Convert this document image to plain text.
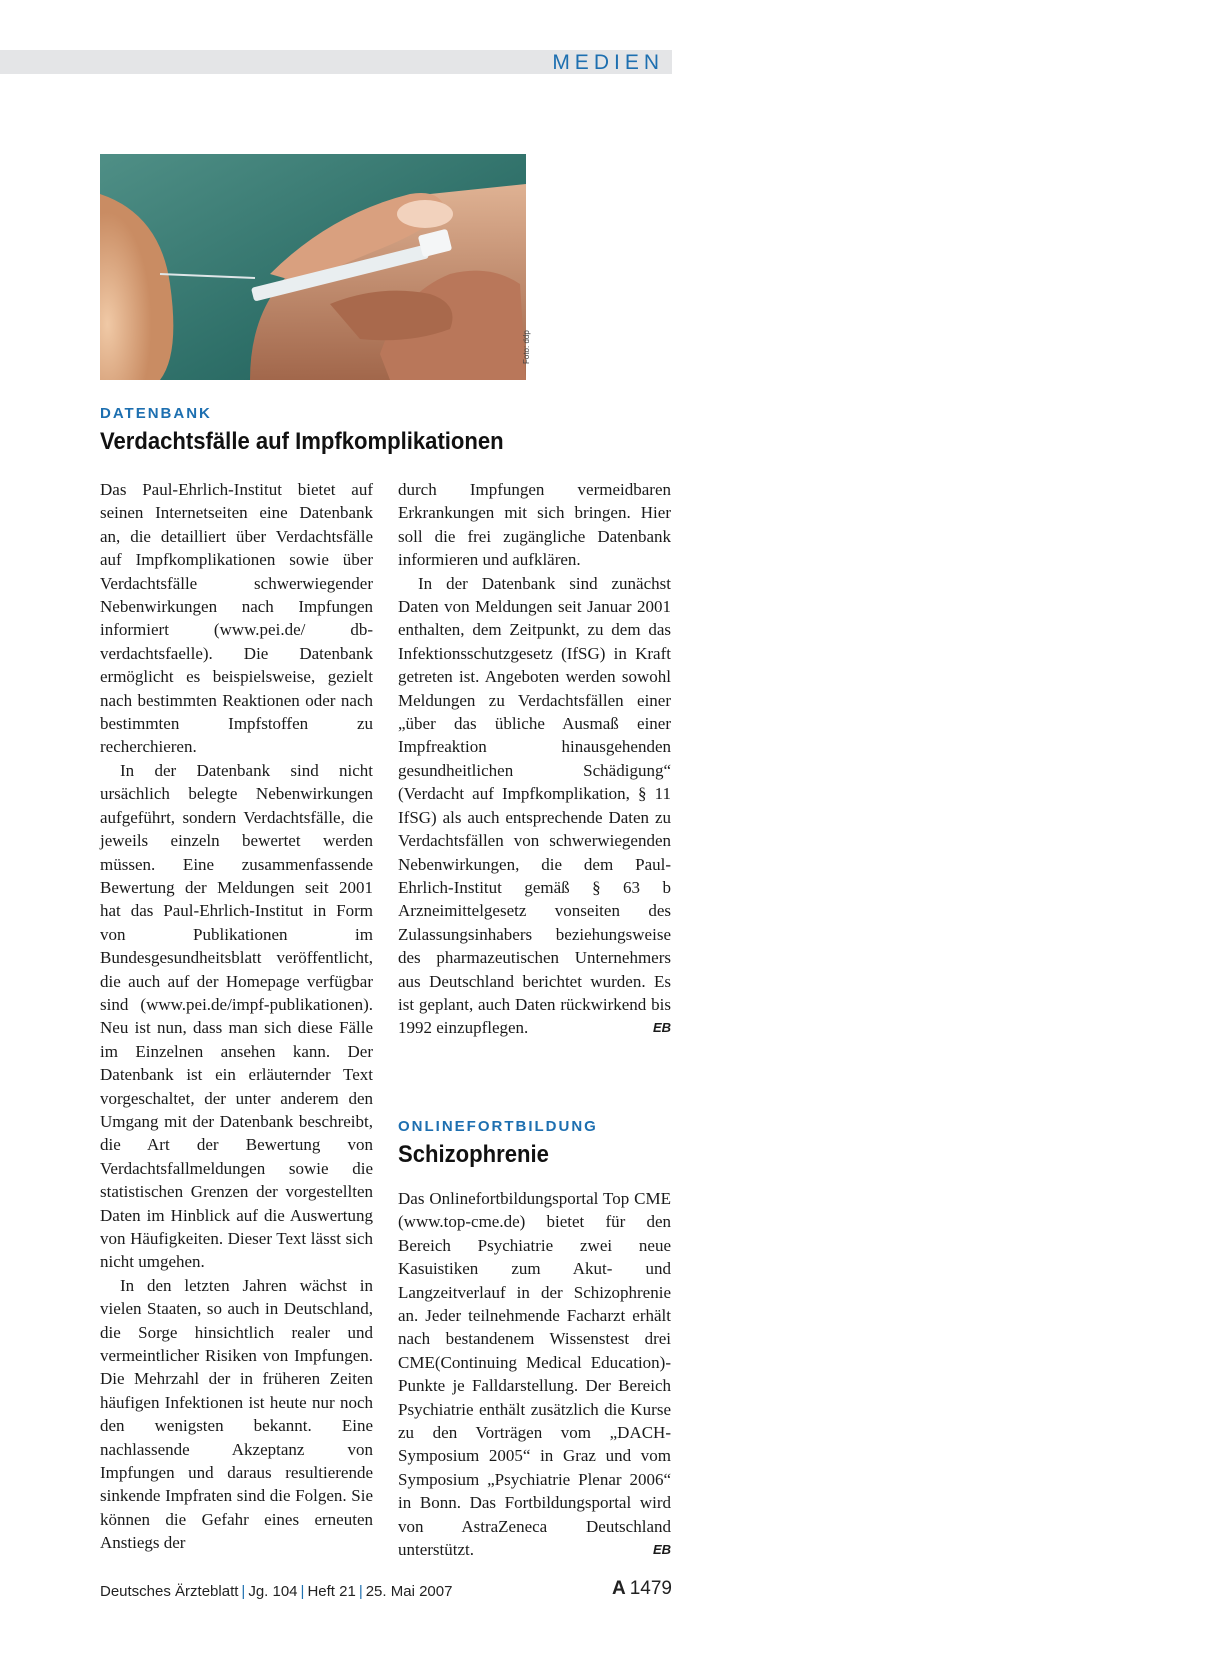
MEDIEN
Foto: ddp
DATENBANK
Verdachtsfälle auf Impfkomplikationen

Das Paul-Ehrlich-Institut bietet auf seinen Internetseiten eine Datenbank an, die detailliert über Verdachtsfälle auf Impfkomplikationen sowie über Verdachtsfälle schwerwiegender Nebenwirkungen nach Impfungen informiert (www.pei.de/ db-verdachtsfaelle). Die Datenbank ermöglicht es beispielsweise, gezielt nach bestimmten Reaktionen oder nach bestimmten Impfstoffen zu recherchieren.

In der Datenbank sind nicht ursächlich belegte Nebenwirkungen aufgeführt, sondern Verdachtsfälle, die jeweils einzeln bewertet werden müssen. Eine zusammenfassende Bewertung der Meldungen seit 2001 hat das Paul-Ehrlich-Institut in Form von Publikationen im Bundesgesundheitsblatt veröffentlicht, die auch auf der Homepage verfügbar sind (www.pei.de/impf-publikationen). Neu ist nun, dass man sich diese Fälle im Einzelnen ansehen kann. Der Datenbank ist ein erläuternder Text vorgeschaltet, der unter anderem den Umgang mit der Datenbank beschreibt, die Art der Bewertung von Verdachtsfallmeldungen sowie die statistischen Grenzen der vorgestellten Daten im Hinblick auf die Auswertung von Häufigkeiten. Dieser Text lässt sich nicht umgehen.

In den letzten Jahren wächst in vielen Staaten, so auch in Deutschland, die Sorge hinsichtlich realer und vermeintlicher Risiken von Impfungen. Die Mehrzahl der in früheren Zeiten häufigen Infektionen ist heute nur noch den wenigsten bekannt. Eine nachlassende Akzeptanz von Impfungen und daraus resultierende sinkende Impfraten sind die Folgen. Sie können die Gefahr eines erneuten Anstiegs der

durch Impfungen vermeidbaren Erkrankungen mit sich bringen. Hier soll die frei zugängliche Datenbank informieren und aufklären.

In der Datenbank sind zunächst Daten von Meldungen seit Januar 2001 enthalten, dem Zeitpunkt, zu dem das Infektionsschutzgesetz (IfSG) in Kraft getreten ist. Angeboten werden sowohl Meldungen zu Verdachtsfällen einer „über das übliche Ausmaß einer Impfreaktion hinausgehenden gesundheitlichen Schädigung“ (Verdacht auf Impfkomplikation, § 11 IfSG) als auch entsprechende Daten zu Verdachtsfällen von schwerwiegenden Nebenwirkungen, die dem Paul-Ehrlich-Institut gemäß § 63 b Arzneimittelgesetz vonseiten des Zulassungsinhabers beziehungsweise des pharmazeutischen Unternehmers aus Deutschland berichtet wurden. Es ist geplant, auch Daten rückwirkend bis 1992 einzupflegen.	EB

ONLINEFORTBILDUNG
Schizophrenie

Das Onlinefortbildungsportal Top CME (www.top-cme.de) bietet für den Bereich Psychiatrie zwei neue Kasuistiken zum Akut- und Langzeitverlauf in der Schizophrenie an. Jeder teilnehmende Facharzt erhält nach bestandenem Wissenstest drei CME(Continuing Medical Education)-Punkte je Falldarstellung. Der Bereich Psychiatrie enthält zusätzlich die Kurse zu den Vorträgen vom „DACH-Symposium 2005“ in Graz und vom Symposium „Psychiatrie Plenar 2006“ in Bonn. Das Fortbildungsportal wird von AstraZeneca Deutschland unterstützt.	EB

Deutsches Ärzteblatt | Jg. 104 | Heft 21 | 25. Mai 2007	A 1479
